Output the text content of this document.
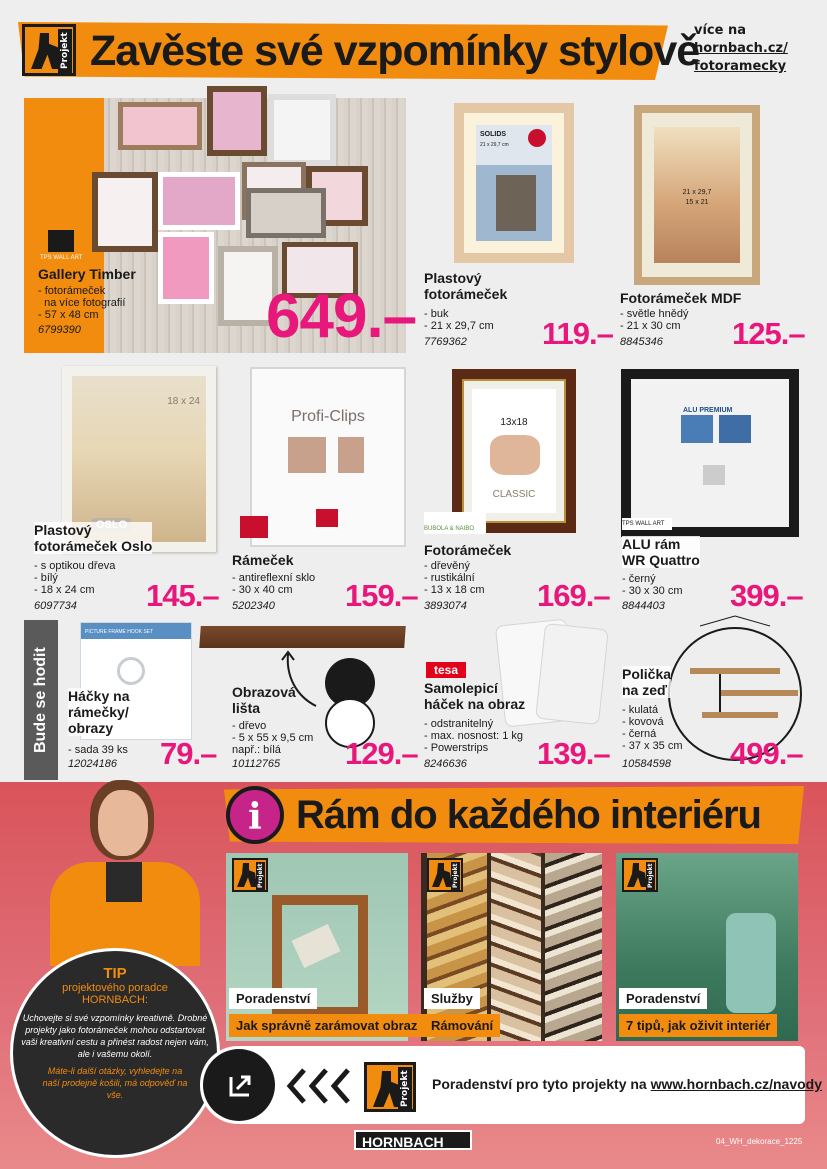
Projekt Zavěste své vzpomínky stylově
více na
hornbach.cz/
fotoramecky
TPS WALL ART
Gallery Timber
- fotorámeček
na více fotografií
- 57 x 48 cm
6799390	649.–
SOLIDS
21 x 29,7 cm
Plastový
fotorámeček
- buk
- 21 x 29,7 cm
7769362 119.–
21 x 29,7
15 x 21
Fotorámeček MDF
- světle hnědý
- 21 x 30 cm
8845346 125.–
18 x 24
Plastový
fotorámeček Oslo
- s optikou dřeva
- bílý
- 18 x 24 cm
6097734 145.–
Profi-Clips
Rámeček
- antireflexní sklo
- 30 x 40 cm
5202340 159.–
13x18
CLASSIC
BUBOLA & NAIBO
Fotorámeček
- dřevěný
- rustikální
- 13 x 18 cm
3893074 169.–
ALU PREMIUM
TPS WALL ART
ALU rám
WR Quattro
- černý
- 30 x 30 cm
8844403 399.–
Bude se hodit
PICTURE FRAME HOOK SET
Háčky na
rámečky/
obrazy
- sada 39 ks
12024186 79.–
Obrazová
lišta
- dřevo
- 5 x 55 x 9,5 cm
např.: bílá
10112765 129.–
tesa
Samolepicí
háček na obraz
- odstranitelný
- max. nosnost: 1 kg
- Powerstrips
8246636 139.–
Polička
na zeď
- kulatá
- kovová
- černá
- 37 x 35 cm
10584598 499.–
i Rám do každého interiéru
Projekt	Projekt	Projekt
Poradenství
Jak správně zarámovat obraz
Služby
Rámování
Poradenství
7 tipů, jak oživit interiér
TIP
projektového poradce
HORNBACH:
Uchovejte si své vzpomínky kreativně. Drobné projekty jako fotorámeček mohou odstartovat vaši kreativní cestu a přinést radost nejen vám, ale i vašemu okolí.
Máte-li další otázky, vyhledejte na naší prodejně košili, má odpověď na vše.	Projekt Poradenství pro tyto projekty na www.hornbach.cz/navody
HORNBACH	04_WH_dekorace_1225
